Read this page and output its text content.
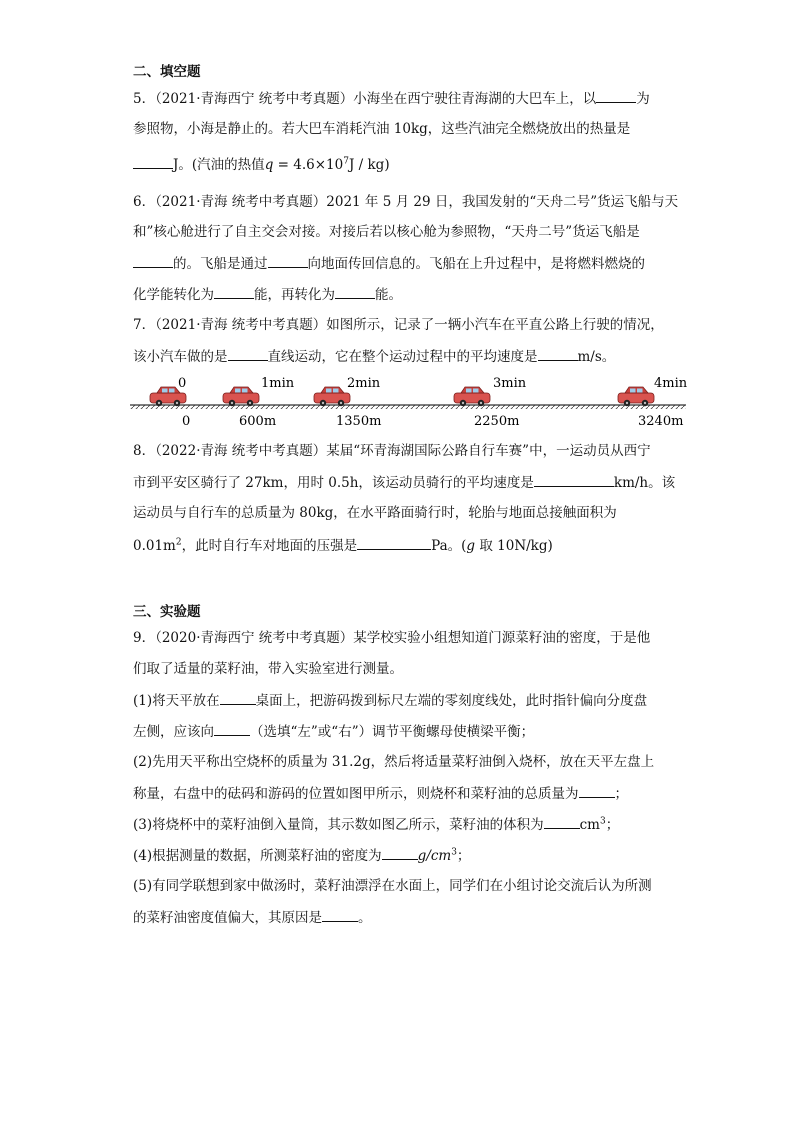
二、填空题
5．（2021·青海西宁 统考中考真题）小海坐在西宁驶往青海湖的大巴车上，以	为
参照物，小海是静止的。若大巴车消耗汽油 10kg，这些汽油完全燃烧放出的热量是
J。(汽油的热值$q = 4.6\times 10^7J / kg$)
6．（2021·青海 统考中考真题）2021 年 5 月 29 日，我国发射的“天舟二号”货运飞船与天
和”核心舱进行了自主交会对接。对接后若以核心舱为参照物，“天舟二号”货运飞船是
的。飞船是通过	向地面传回信息的。飞船在上升过程中，是将燃料燃烧的
化学能转化为	能，再转化为	能。
7．（2021·青海 统考中考真题）如图所示，记录了一辆小汽车在平直公路上行驶的情况，
该小汽车做的是	直线运动，它在整个运动过程中的平均速度是	m/s。
0	1min	2min	3min	4min
0	600m	1350m	2250m	3240m
8．（2022·青海 统考中考真题）某届“环青海湖国际公路自行车赛”中，一运动员从西宁
市到平安区骑行了 27km，用时 0.5h，该运动员骑行的平均速度是	km/h。该
运动员与自行车的总质量为 80kg，在水平路面骑行时，轮胎与地面总接触面积为
$0.01m^2$，此时自行车对地面的压强是	Pa。(g 取 10N/kg)
三、实验题
9．（2020·青海西宁 统考中考真题）某学校实验小组想知道门源菜籽油的密度，于是他
们取了适量的菜籽油，带入实验室进行测量。
(1)将天平放在	桌面上，把游码拨到标尺左端的零刻度线处，此时指针偏向分度盘
左侧，应该向	（选填“左”或“右”）调节平衡螺母使横梁平衡；
(2)先用天平称出空烧杯的质量为 31.2g，然后将适量菜籽油倒入烧杯，放在天平左盘上
称量，右盘中的砝码和游码的位置如图甲所示，则烧杯和菜籽油的总质量为	；
(3)将烧杯中的菜籽油倒入量筒，其示数如图乙所示，菜籽油的体积为	$cm^3$；
(4)根据测量的数据，所测菜籽油的密度为	$g/cm^3$；
(5)有同学联想到家中做汤时，菜籽油漂浮在水面上，同学们在小组讨论交流后认为所测
的菜籽油密度值偏大，其原因是	。
